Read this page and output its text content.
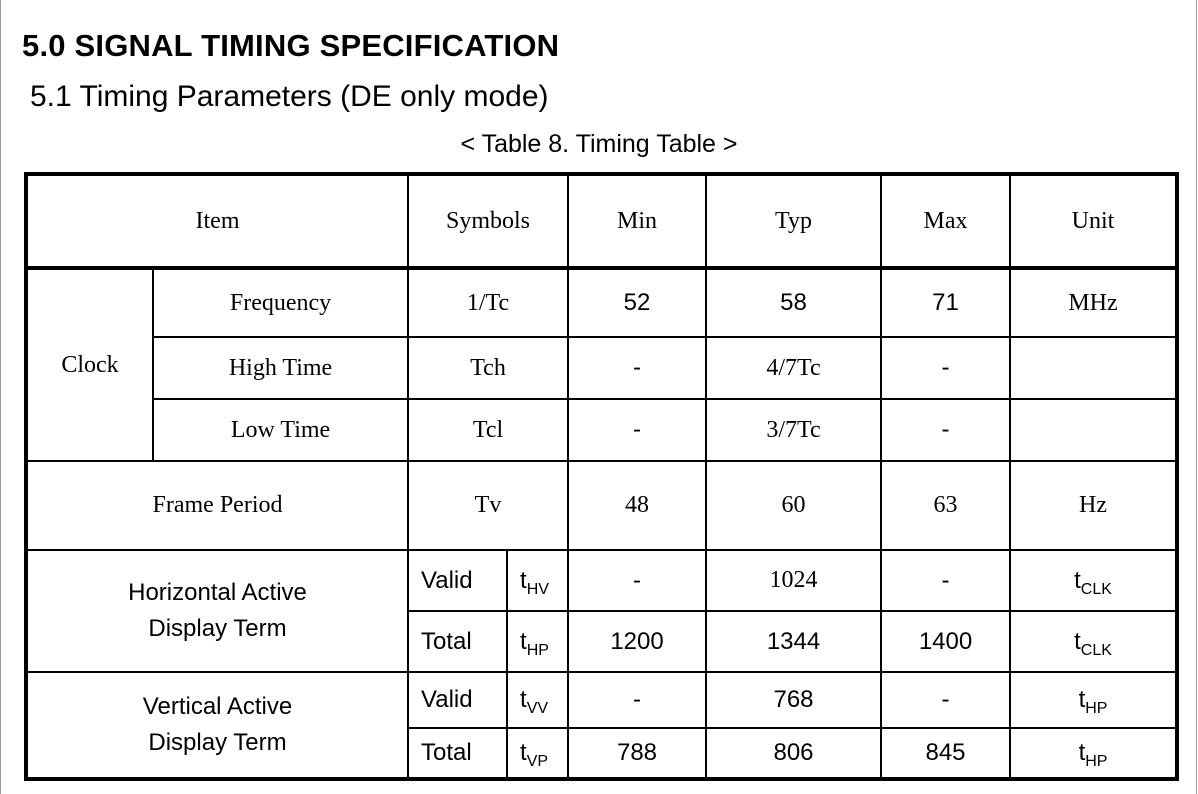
5.0 SIGNAL TIMING SPECIFICATION
5.1 Timing Parameters (DE only mode)
< Table 8. Timing Table >
Item		Symbols		Min	Typ	Max	Unit
Clock	Frequency	1/Tc		52	58	71	MHz
	High Time	Tch		-	4/7Tc	-	
	Low Time	Tcl		-	3/7Tc	-	
Frame Period		Tv		48	60	63	Hz

Horizontal Active
Display Term		Valid	$t_{HV}$	-	1024	-	$t_{CLK}$
		Total	$t_{HP}$	1200	1344	1400	$t_{CLK}$

Vertical Active
Display Term		Valid	$t_{VV}$	-	768	-	$t_{HP}$
		Total	$t_{VP}$	788	806	845	$t_{HP}$
